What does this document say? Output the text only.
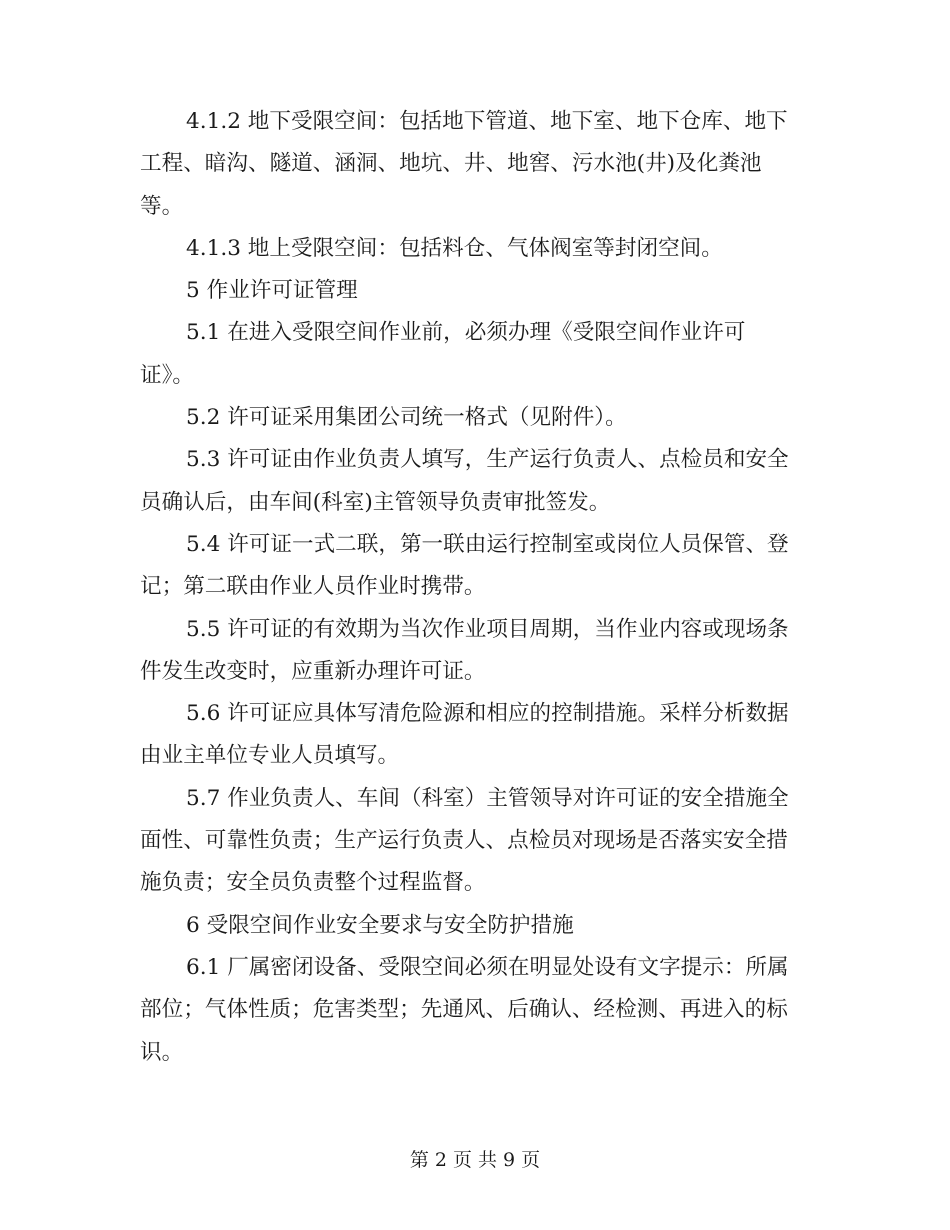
4.1.2 地下受限空间：包括地下管道、地下室、地下仓库、地下
工程、暗沟、隧道、涵洞、地坑、井、地窖、污水池(井)及化粪池
等。
4.1.3 地上受限空间：包括料仓、气体阀室等封闭空间。
5 作业许可证管理
5.1 在进入受限空间作业前，必须办理《受限空间作业许可
证》。
5.2 许可证采用集团公司统一格式（见附件）。
5.3 许可证由作业负责人填写，生产运行负责人、点检员和安全
员确认后，由车间(科室)主管领导负责审批签发。
5.4 许可证一式二联，第一联由运行控制室或岗位人员保管、登
记；第二联由作业人员作业时携带。
5.5 许可证的有效期为当次作业项目周期，当作业内容或现场条
件发生改变时，应重新办理许可证。
5.6 许可证应具体写清危险源和相应的控制措施。采样分析数据
由业主单位专业人员填写。
5.7 作业负责人、车间（科室）主管领导对许可证的安全措施全
面性、可靠性负责；生产运行负责人、点检员对现场是否落实安全措
施负责；安全员负责整个过程监督。
6 受限空间作业安全要求与安全防护措施
6.1 厂属密闭设备、受限空间必须在明显处设有文字提示：所属
部位；气体性质；危害类型；先通风、后确认、经检测、再进入的标
识。
第 2 页 共 9 页
